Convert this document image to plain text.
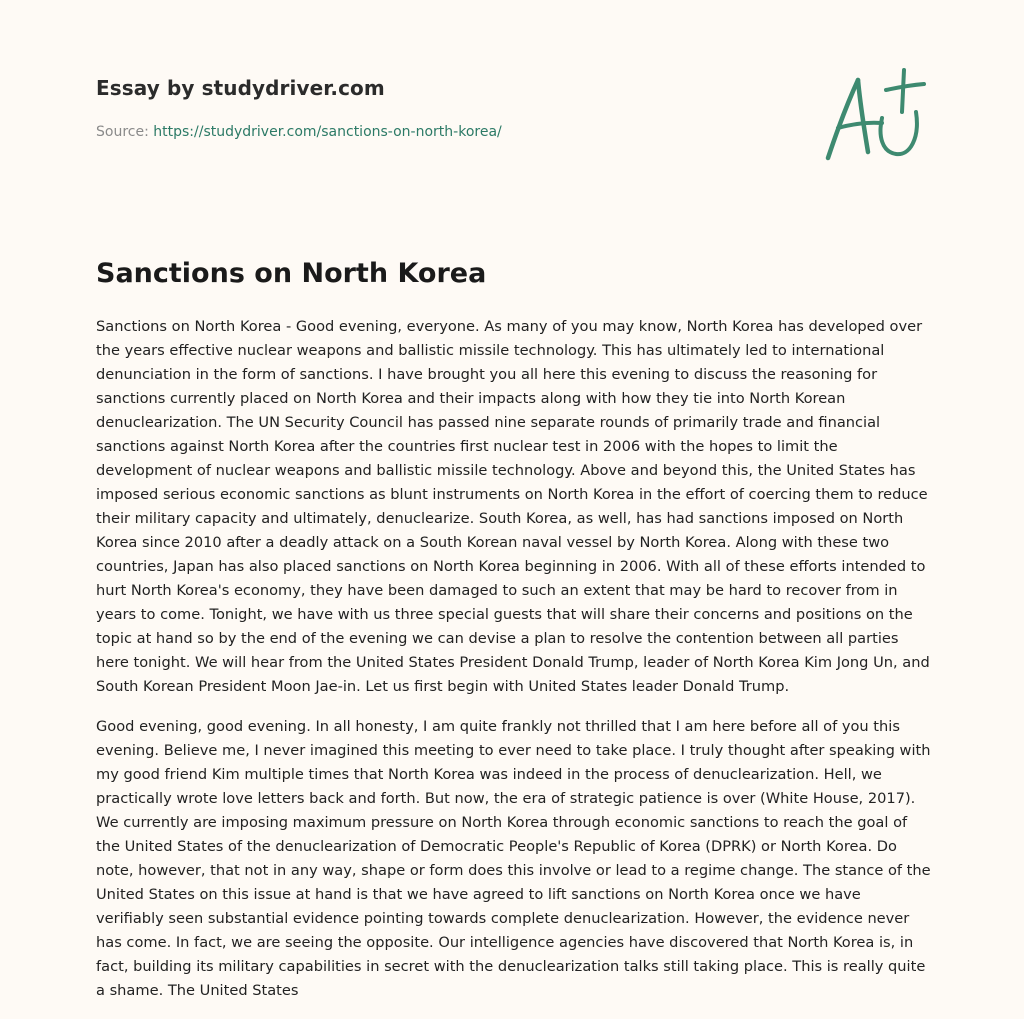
Essay by studydriver.com
Source: https://studydriver.com/sanctions-on-north-korea/
Sanctions on North Korea

Sanctions on North Korea - Good evening, everyone. As many of you may know, North Korea has developed over the years effective nuclear weapons and ballistic missile technology. This has ultimately led to international denunciation in the form of sanctions. I have brought you all here this evening to discuss the reasoning for sanctions currently placed on North Korea and their impacts along with how they tie into North Korean denuclearization. The UN Security Council has passed nine separate rounds of primarily trade and financial sanctions against North Korea after the countries first nuclear test in 2006 with the hopes to limit the development of nuclear weapons and ballistic missile technology. Above and beyond this, the United States has imposed serious economic sanctions as blunt instruments on North Korea in the effort of coercing them to reduce their military capacity and ultimately, denuclearize. South Korea, as well, has had sanctions imposed on North Korea since 2010 after a deadly attack on a South Korean naval vessel by North Korea. Along with these two countries, Japan has also placed sanctions on North Korea beginning in 2006. With all of these efforts intended to hurt North Korea's economy, they have been damaged to such an extent that may be hard to recover from in years to come. Tonight, we have with us three special guests that will share their concerns and positions on the topic at hand so by the end of the evening we can devise a plan to resolve the contention between all parties here tonight. We will hear from the United States President Donald Trump, leader of North Korea Kim Jong Un, and South Korean President Moon Jae-in. Let us first begin with United States leader Donald Trump.

Good evening, good evening. In all honesty, I am quite frankly not thrilled that I am here before all of you this evening. Believe me, I never imagined this meeting to ever need to take place. I truly thought after speaking with my good friend Kim multiple times that North Korea was indeed in the process of denuclearization. Hell, we practically wrote love letters back and forth. But now, the era of strategic patience is over (White House, 2017). We currently are imposing maximum pressure on North Korea through economic sanctions to reach the goal of the United States of the denuclearization of Democratic People's Republic of Korea (DPRK) or North Korea. Do note, however, that not in any way, shape or form does this involve or lead to a regime change. The stance of the United States on this issue at hand is that we have agreed to lift sanctions on North Korea once we have verifiably seen substantial evidence pointing towards complete denuclearization. However, the evidence never has come. In fact, we are seeing the opposite. Our intelligence agencies have discovered that North Korea is, in fact, building its military capabilities in secret with the denuclearization talks still taking place. This is really quite a shame. The United States
